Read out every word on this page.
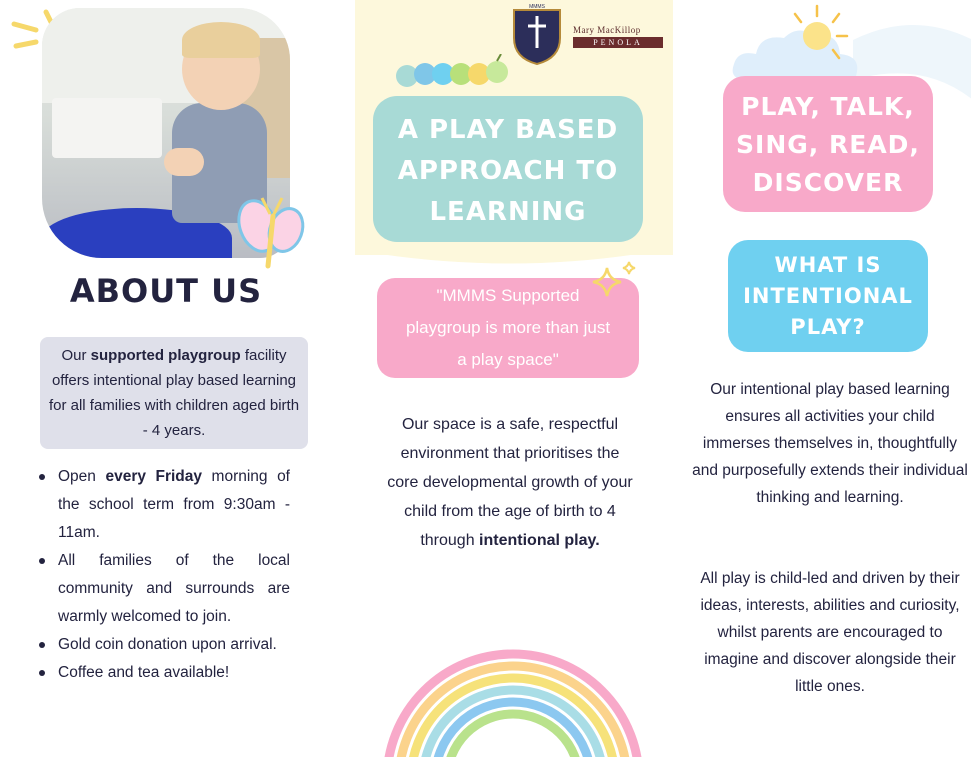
ABOUT US
Our supported playgroup facility offers intentional play based learning for all families with children aged birth - 4 years.
Open every Friday morning of the school term from 9:30am - 11am.
All families of the local community and surrounds are warmly welcomed to join.
Gold coin donation upon arrival.
Coffee and tea available!
MMMS
Mary MacKillop
PENOLA
A PLAY BASED
APPROACH TO
LEARNING
"MMMS Supported
playgroup is more than just
a play space"
Our space is a safe, respectful environment that prioritises the core developmental growth of your child from the age of birth to 4 through intentional play.
PLAY, TALK,
SING, READ,
DISCOVER
WHAT IS
INTENTIONAL
PLAY?
Our intentional play based learning ensures all activities your child immerses themselves in, thoughtfully and purposefully extends their individual thinking and learning.
All play is child-led and driven by their ideas, interests, abilities and curiosity, whilst parents are encouraged to imagine and discover alongside their little ones.
